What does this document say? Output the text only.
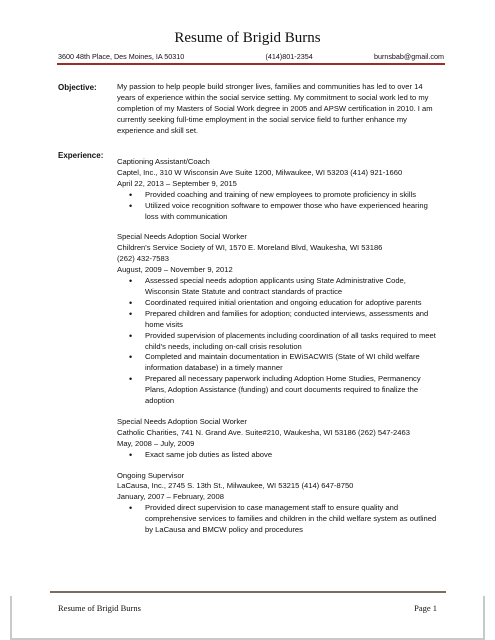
Resume of Brigid Burns
3600 48th Place, Des Moines, IA 50310	(414)801-2354	burnsbab@gmail.com
Objective:	My passion to help people build stronger lives, families and communities has led to over 14 years of experience within the social service setting. My commitment to social work led to my completion of my Masters of Social Work degree in 2005 and APSW certification in 2010. I am currently seeking full-time employment in the social service field to further enhance my experience and skill set.
Experience:

Captioning Assistant/Coach

Captel, Inc., 310 W Wisconsin Ave Suite 1200, Milwaukee, WI 53203 (414) 921-1660

April 22, 2013 – September 9, 2015

• Provided coaching and training of new employees to promote proficiency in skills
• Utilized voice recognition software to empower those who have experienced hearing loss with communication

Special Needs Adoption Social Worker

Children's Service Society of WI, 1570 E. Moreland Blvd, Waukesha, WI 53186

(262) 432-7583

August, 2009 – November 9, 2012

• Assessed special needs adoption applicants using State Administrative Code, Wisconsin State Statute and contract standards of practice
• Coordinated required initial orientation and ongoing education for adoptive parents
• Prepared children and families for adoption; conducted interviews, assessments and home visits
• Provided supervision of placements including coordination of all tasks required to meet child's needs, including on-call crisis resolution
• Completed and maintain documentation in EWiSACWIS (State of WI child welfare information database) in a timely manner
• Prepared all necessary paperwork including Adoption Home Studies, Permanency Plans, Adoption Assistance (funding) and court documents required to finalize the adoption

Special Needs Adoption Social Worker

Catholic Charities, 741 N. Grand Ave. Suite#210, Waukesha, WI 53186 (262) 547-2463

May, 2008 – July, 2009

• Exact same job duties as listed above

Ongoing Supervisor

LaCausa, Inc., 2745 S. 13th St., Milwaukee, WI 53215 (414) 647-8750

January, 2007 – February, 2008

• Provided direct supervision to case management staff to ensure quality and comprehensive services to families and children in the child welfare system as outlined by LaCausa and BMCW policy and procedures
Resume of Brigid Burns	Page 1
